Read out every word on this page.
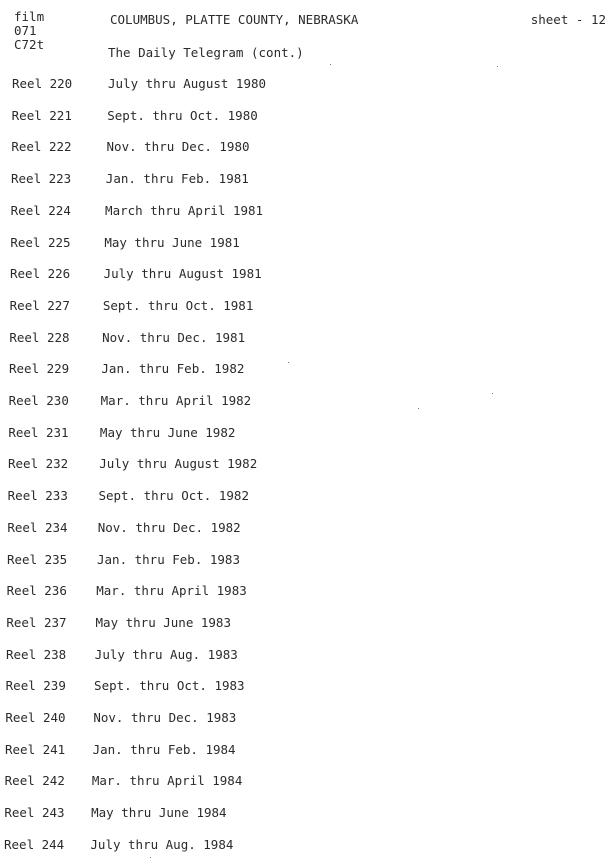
film
071
C72t
COLUMBUS, PLATTE COUNTY, NEBRASKA	sheet - 12
The Daily Telegram (cont.)
Reel 220	July thru August 1980
Reel 221	Sept. thru Oct. 1980
Reel 222	Nov. thru Dec. 1980
Reel 223	Jan. thru Feb. 1981
Reel 224	March thru April 1981
Reel 225	May thru June 1981
Reel 226	July thru August 1981
Reel 227	Sept. thru Oct. 1981
Reel 228	Nov. thru Dec. 1981
Reel 229	Jan. thru Feb. 1982
Reel 230	Mar. thru April 1982
Reel 231	May thru June 1982
Reel 232 July thru August 1982
Reel 233 Sept. thru Oct. 1982
Reel 234 Nov. thru Dec. 1982
Reel 235 Jan. thru Feb. 1983
Reel 236 Mar. thru April 1983
Reel 237 May thru June 1983
Reel 238 July thru Aug. 1983
Reel 239 Sept. thru Oct. 1983
Reel 240 Nov. thru Dec. 1983
Reel 241 Jan. thru Feb. 1984
Reel 242 Mar. thru April 1984
Reel 243 May thru June 1984
Reel 244 July thru Aug. 1984
